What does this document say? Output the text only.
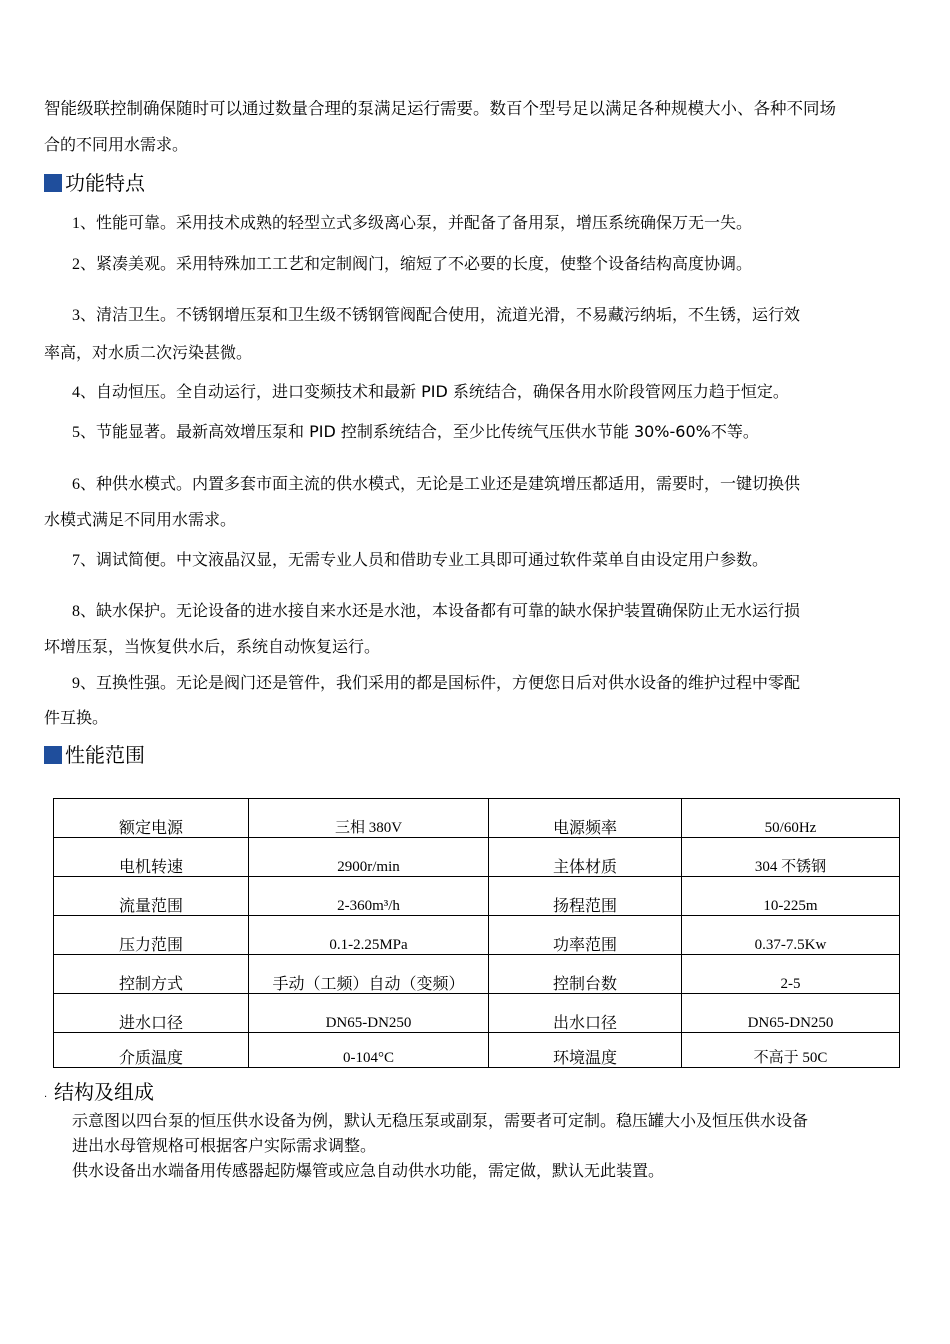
智能级联控制确保随时可以通过数量合理的泵满足运行需要。数百个型号足以满足各种规模大小、各种不同场
合的不同用水需求。
功能特点
1、性能可靠。采用技术成熟的轻型立式多级离心泵，并配备了备用泵，增压系统确保万无一失。
2、紧凑美观。采用特殊加工工艺和定制阀门，缩短了不必要的长度，使整个设备结构高度协调。
3、清洁卫生。不锈钢增压泵和卫生级不锈钢管阀配合使用，流道光滑，不易藏污纳垢，不生锈，运行效
率高，对水质二次污染甚微。
4、自动恒压。全自动运行，进口变频技术和最新 PID 系统结合，确保各用水阶段管网压力趋于恒定。
5、节能显著。最新高效增压泵和 PID 控制系统结合，至少比传统气压供水节能 30%-60%不等。
6、种供水模式。内置多套市面主流的供水模式，无论是工业还是建筑增压都适用，需要时，一键切换供
水模式满足不同用水需求。
7、调试简便。中文液晶汉显，无需专业人员和借助专业工具即可通过软件菜单自由设定用户参数。
8、缺水保护。无论设备的进水接自来水还是水池，本设备都有可靠的缺水保护装置确保防止无水运行损
坏增压泵，当恢复供水后，系统自动恢复运行。
9、互换性强。无论是阀门还是管件，我们采用的都是国标件，方便您日后对供水设备的维护过程中零配
件互换。
性能范围
额定电源	三相 380V	电源频率	50/60Hz
电机转速	2900r/min	主体材质	304 不锈钢
流量范围	2-360m³/h	扬程范围	10-225m
压力范围	0.1-2.25MPa	功率范围	0.37-7.5Kw
控制方式	手动（工频）自动（变频）	控制台数	2-5
进水口径	DN65-DN250	出水口径	DN65-DN250
介质温度	0-104°C	环境温度	不高于 50C
. 结构及组成
示意图以四台泵的恒压供水设备为例，默认无稳压泵或副泵，需要者可定制。稳压罐大小及恒压供水设备
进出水母管规格可根据客户实际需求调整。
供水设备出水端备用传感器起防爆管或应急自动供水功能，需定做，默认无此装置。
